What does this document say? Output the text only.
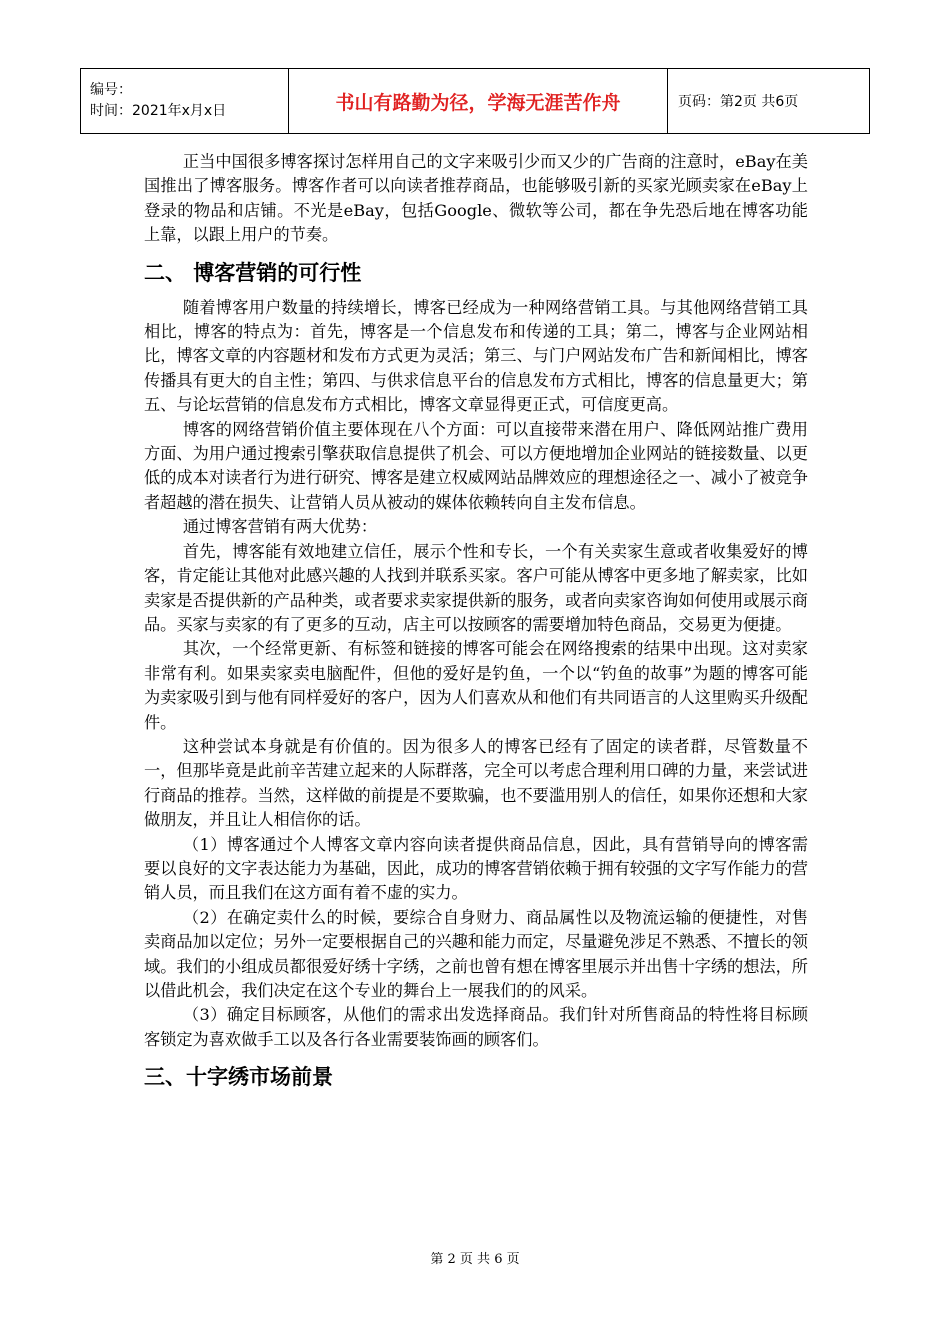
编号：
时间：2021年x月x日	书山有路勤为径，学海无涯苦作舟	页码：第2页 共6页

正当中国很多博客探讨怎样用自己的文字来吸引少而又少的广告商的注意时，eBay在美国推出了博客服务。博客作者可以向读者推荐商品，也能够吸引新的买家光顾卖家在eBay上登录的物品和店铺。不光是eBay，包括Google、微软等公司，都在争先恐后地在博客功能上靠，以跟上用户的节奏。

二、 博客营销的可行性

随着博客用户数量的持续增长，博客已经成为一种网络营销工具。与其他网络营销工具相比，博客的特点为：首先，博客是一个信息发布和传递的工具；第二，博客与企业网站相比，博客文章的内容题材和发布方式更为灵活；第三、与门户网站发布广告和新闻相比，博客传播具有更大的自主性；第四、与供求信息平台的信息发布方式相比，博客的信息量更大；第五、与论坛营销的信息发布方式相比，博客文章显得更正式，可信度更高。

博客的网络营销价值主要体现在八个方面：可以直接带来潜在用户、降低网站推广费用方面、为用户通过搜索引擎获取信息提供了机会、可以方便地增加企业网站的链接数量、以更低的成本对读者行为进行研究、博客是建立权威网站品牌效应的理想途径之一、减小了被竞争者超越的潜在损失、让营销人员从被动的媒体依赖转向自主发布信息。

通过博客营销有两大优势：

首先，博客能有效地建立信任，展示个性和专长，一个有关卖家生意或者收集爱好的博客，肯定能让其他对此感兴趣的人找到并联系买家。客户可能从博客中更多地了解卖家，比如卖家是否提供新的产品种类，或者要求卖家提供新的服务，或者向卖家咨询如何使用或展示商品。买家与卖家的有了更多的互动，店主可以按顾客的需要增加特色商品，交易更为便捷。

其次，一个经常更新、有标签和链接的博客可能会在网络搜索的结果中出现。这对卖家非常有利。如果卖家卖电脑配件，但他的爱好是钓鱼，一个以“钓鱼的故事”为题的博客可能为卖家吸引到与他有同样爱好的客户，因为人们喜欢从和他们有共同语言的人这里购买升级配件。

这种尝试本身就是有价值的。因为很多人的博客已经有了固定的读者群，尽管数量不一，但那毕竟是此前辛苦建立起来的人际群落，完全可以考虑合理利用口碑的力量，来尝试进行商品的推荐。当然，这样做的前提是不要欺骗，也不要滥用别人的信任，如果你还想和大家做朋友，并且让人相信你的话。

（1）博客通过个人博客文章内容向读者提供商品信息，因此，具有营销导向的博客需要以良好的文字表达能力为基础，因此，成功的博客营销依赖于拥有较强的文字写作能力的营销人员，而且我们在这方面有着不虚的实力。

（2）在确定卖什么的时候，要综合自身财力、商品属性以及物流运输的便捷性，对售卖商品加以定位；另外一定要根据自己的兴趣和能力而定，尽量避免涉足不熟悉、不擅长的领域。我们的小组成员都很爱好绣十字绣，之前也曾有想在博客里展示并出售十字绣的想法，所以借此机会，我们决定在这个专业的舞台上一展我们的的风采。

（3）确定目标顾客，从他们的需求出发选择商品。我们针对所售商品的特性将目标顾客锁定为喜欢做手工以及各行各业需要装饰画的顾客们。

三、十字绣市场前景
第 2 页 共 6 页
